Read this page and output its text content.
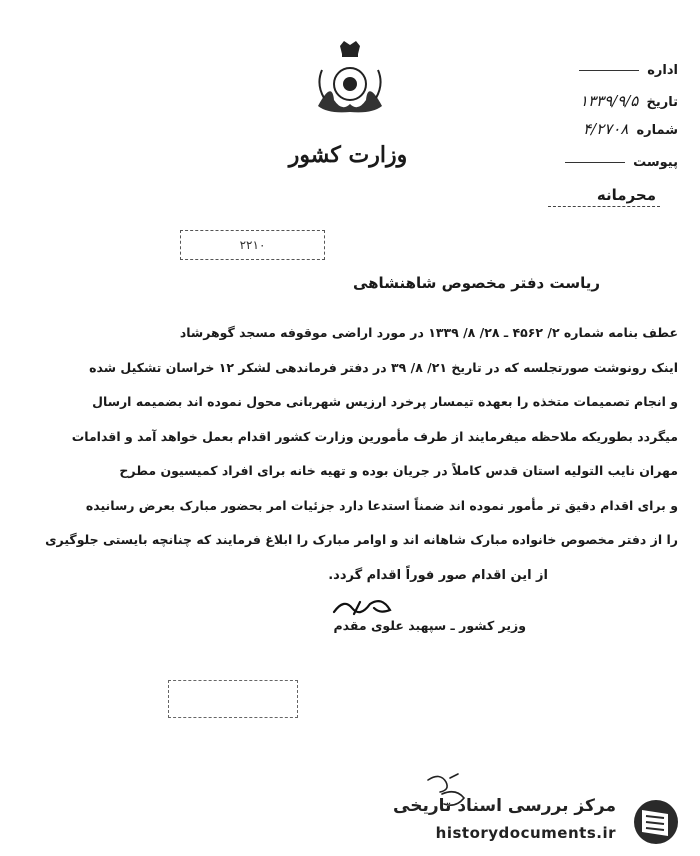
وزارت کشور
اداره
تاریخ ۱۳۳۹/۹/۵
شماره ۴/۲۷۰۸
پیوست
محرمانه
۲۲۱۰
ریاست دفتر مخصوص شاهنشاهی
عطف بنامه شماره ۲/ ۴۵۶۲ ـ ۲۸/ ۸/ ۱۳۳۹ در مورد اراضی موقوفه مسجد گوهرشاد
اینک رونوشت صورتجلسه که در تاریخ ۲۱/ ۸/ ۳۹ در دفتر فرماندهی لشکر ۱۲ خراسان تشکیل شده
و انجام تصمیمات متخذه را بعهده تیمسار پرخرد ارزیس شهربانی محول نموده اند بضمیمه ارسال
میگردد بطوریکه ملاحظه میفرمایند از طرف مأمورین وزارت کشور اقدام بعمل خواهد آمد و اقدامات
مهران نایب التولیه استان قدس کاملاً در جریان بوده و تهیه خانه برای افراد کمیسیون مطرح
و برای اقدام دقیق تر مأمور نموده اند ضمناً استدعا دارد جزئیات امر بحضور مبارک بعرض رسانیده
را از دفتر مخصوص خانواده مبارک شاهانه اند و اوامر مبارک را ابلاغ فرمایند که چنانچه بایستی جلوگیری
از این اقدام صور فوراً اقدام گردد.
وزیر کشور ـ سپهبد علوی مقدم
مرکز بررسی اسناد تاریخی
historydocuments.ir
